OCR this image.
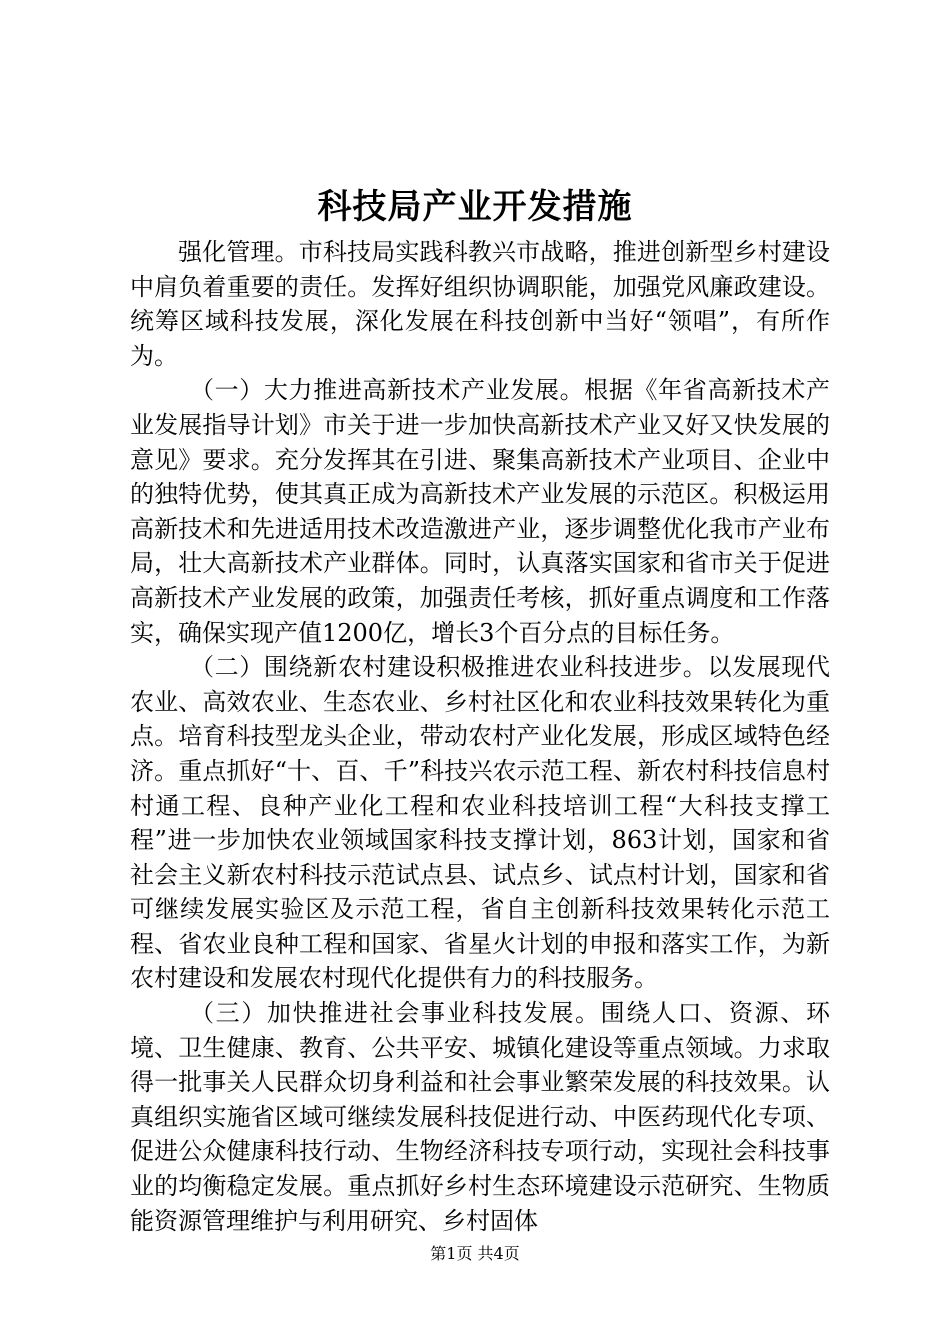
科技局产业开发措施

强化管理。市科技局实践科教兴市战略，推进创新型乡村建设中肩负着重要的责任。发挥好组织协调职能，加强党风廉政建设。统筹区域科技发展，深化发展在科技创新中当好“领唱”，有所作为。

（一）大力推进高新技术产业发展。根据《年省高新技术产业发展指导计划》市关于进一步加快高新技术产业又好又快发展的意见》要求。充分发挥其在引进、聚集高新技术产业项目、企业中的独特优势，使其真正成为高新技术产业发展的示范区。积极运用高新技术和先进适用技术改造激进产业，逐步调整优化我市产业布局，壮大高新技术产业群体。同时，认真落实国家和省市关于促进高新技术产业发展的政策，加强责任考核，抓好重点调度和工作落实，确保实现产值1200亿，增长3个百分点的目标任务。

（二）围绕新农村建设积极推进农业科技进步。以发展现代农业、高效农业、生态农业、乡村社区化和农业科技效果转化为重点。培育科技型龙头企业，带动农村产业化发展，形成区域特色经济。重点抓好“十、百、千”科技兴农示范工程、新农村科技信息村村通工程、良种产业化工程和农业科技培训工程“大科技支撑工程”进一步加快农业领域国家科技支撑计划，863计划，国家和省社会主义新农村科技示范试点县、试点乡、试点村计划，国家和省可继续发展实验区及示范工程，省自主创新科技效果转化示范工程、省农业良种工程和国家、省星火计划的申报和落实工作，为新农村建设和发展农村现代化提供有力的科技服务。

（三）加快推进社会事业科技发展。围绕人口、资源、环境、卫生健康、教育、公共平安、城镇化建设等重点领域。力求取得一批事关人民群众切身利益和社会事业繁荣发展的科技效果。认真组织实施省区域可继续发展科技促进行动、中医药现代化专项、促进公众健康科技行动、生物经济科技专项行动，实现社会科技事业的均衡稳定发展。重点抓好乡村生态环境建设示范研究、生物质能资源管理维护与利用研究、乡村固体

第1页 共4页
